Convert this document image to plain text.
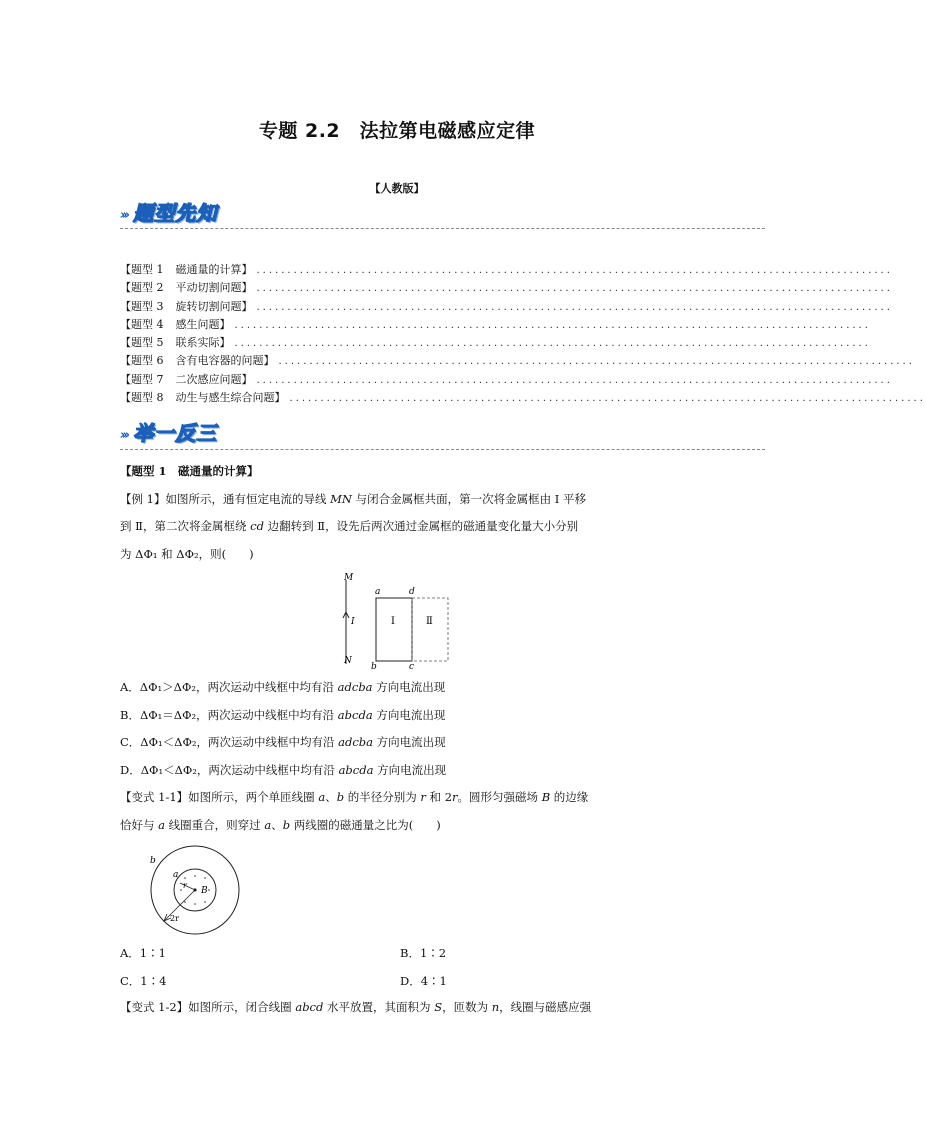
专题 2.2　法拉第电磁感应定律
【人教版】
››› 题型先知
【题型 1 磁通量的计算 】 .......................................................................................................
【题型 2 平动切割问题 】 .......................................................................................................
【题型 3 旋转切割问题 】 .......................................................................................................
【题型 4 感生问题 】 .......................................................................................................
【题型 5 联系实际 】 .......................................................................................................
【题型 6 含有电容器的问题 】 .......................................................................................................
【题型 7 二次感应问题 】 .......................................................................................................
【题型 8 动生与感生综合问题 】 .......................................................................................................
››› 举一反三
【题型 1　磁通量的计算】
【例 1】如图所示，通有恒定电流的导线 MN 与闭合金属框共面，第一次将金属框由 Ⅰ 平移
到 Ⅱ，第二次将金属框绕 cd 边翻转到 Ⅱ，设先后两次通过金属框的磁通量变化量大小分别
为 ΔΦ₁ 和 ΔΦ₂，则(　　)
M
I
N
a	d
b	c
Ⅰ	Ⅱ
A．ΔΦ₁＞ΔΦ₂，两次运动中线框中均有沿 adcba 方向电流出现
B．ΔΦ₁＝ΔΦ₂，两次运动中线框中均有沿 abcda 方向电流出现
C．ΔΦ₁＜ΔΦ₂，两次运动中线框中均有沿 adcba 方向电流出现
D．ΔΦ₁＜ΔΦ₂，两次运动中线框中均有沿 abcda 方向电流出现
【变式 1-1】如图所示，两个单匝线圈 a、b 的半径分别为 r 和 2r。圆形匀强磁场 B 的边缘
恰好与 a 线圈重合，则穿过 a、b 两线圈的磁通量之比为(　　)
b
a
r
B
2r
A．1∶1	B．1∶2
C．1∶4	D．4∶1
【变式 1-2】如图所示，闭合线圈 abcd 水平放置，其面积为 S，匝数为 n，线圈与磁感应强
